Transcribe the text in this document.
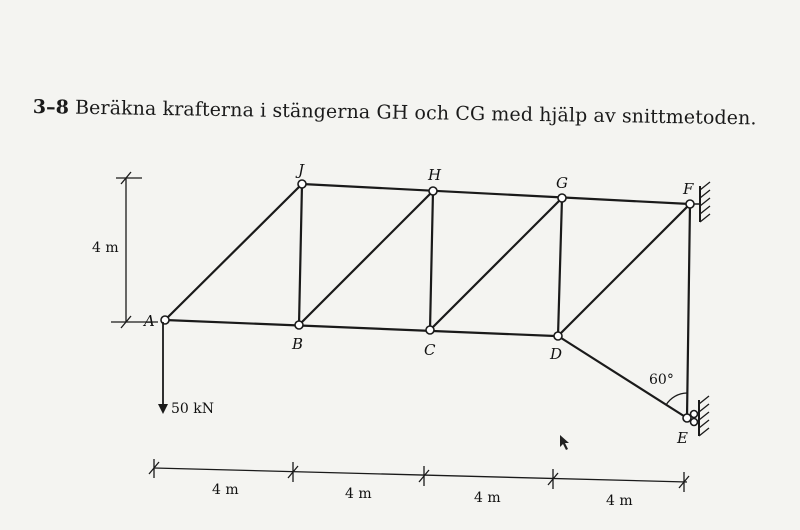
3–8 Beräkna krafterna i stängerna GH och CG med hjälp av snittmetoden.
A
B	C	D
E
F
G
H
J
4 m
50 kN
60°
4 m	4 m	4 m	4 m
